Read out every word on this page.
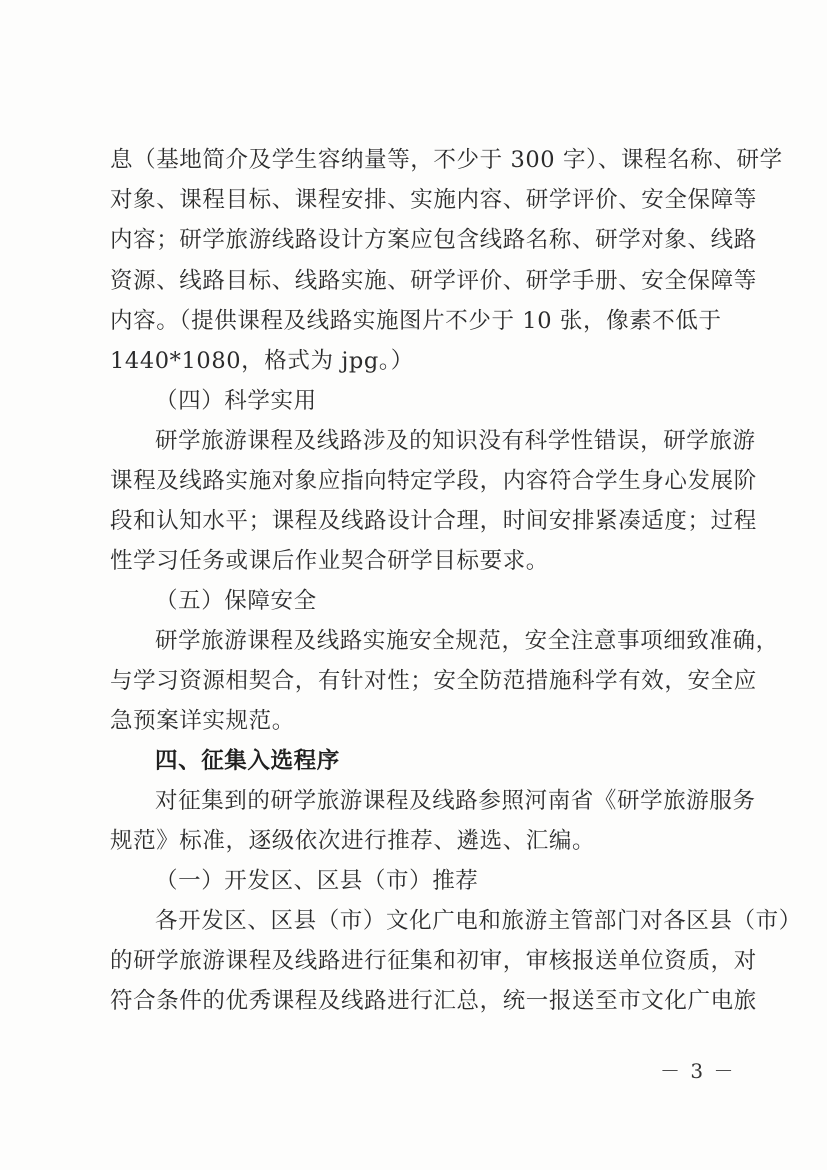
息（基地简介及学生容纳量等，不少于 300 字）、课程名称、研学
对象、课程目标、课程安排、实施内容、研学评价、安全保障等
内容；研学旅游线路设计方案应包含线路名称、研学对象、线路
资源、线路目标、线路实施、研学评价、研学手册、安全保障等
内容。（提供课程及线路实施图片不少于 10 张，像素不低于
1440*1080，格式为 jpg。）
（四）科学实用
研学旅游课程及线路涉及的知识没有科学性错误，研学旅游
课程及线路实施对象应指向特定学段，内容符合学生身心发展阶
段和认知水平；课程及线路设计合理，时间安排紧凑适度；过程
性学习任务或课后作业契合研学目标要求。
（五）保障安全
研学旅游课程及线路实施安全规范，安全注意事项细致准确，
与学习资源相契合，有针对性；安全防范措施科学有效，安全应
急预案详实规范。
四、征集入选程序
对征集到的研学旅游课程及线路参照河南省《研学旅游服务
规范》标准，逐级依次进行推荐、遴选、汇编。
（一）开发区、区县（市）推荐
各开发区、区县（市）文化广电和旅游主管部门对各区县（市）
的研学旅游课程及线路进行征集和初审，审核报送单位资质，对
符合条件的优秀课程及线路进行汇总，统一报送至市文化广电旅
－ 3 －
